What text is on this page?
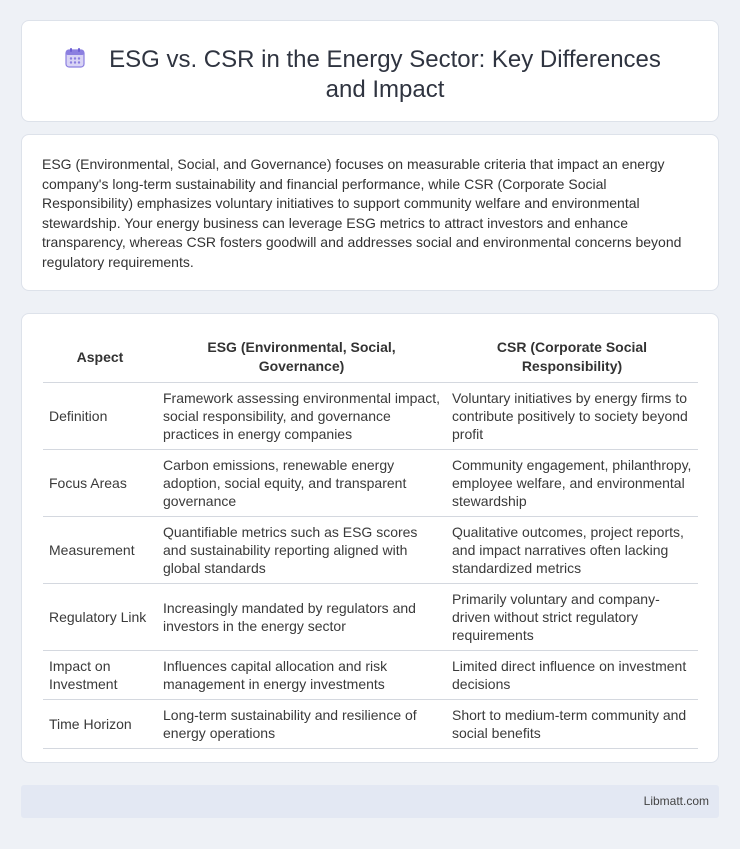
ESG vs. CSR in the Energy Sector: Key Differences and Impact

ESG (Environmental, Social, and Governance) focuses on measurable criteria that impact an energy company's long-term sustainability and financial performance, while CSR (Corporate Social Responsibility) emphasizes voluntary initiatives to support community welfare and environmental stewardship. Your energy business can leverage ESG metrics to attract investors and enhance transparency, whereas CSR fosters goodwill and addresses social and environmental concerns beyond regulatory requirements.

Aspect	ESG (Environmental, Social, Governance)	CSR (Corporate Social Responsibility)
Definition	Framework assessing environmental impact, social responsibility, and governance practices in energy companies	Voluntary initiatives by energy firms to contribute positively to society beyond profit
Focus Areas	Carbon emissions, renewable energy adoption, social equity, and transparent governance	Community engagement, philanthropy, employee welfare, and environmental stewardship
Measurement	Quantifiable metrics such as ESG scores and sustainability reporting aligned with global standards	Qualitative outcomes, project reports, and impact narratives often lacking standardized metrics
Regulatory Link	Increasingly mandated by regulators and investors in the energy sector	Primarily voluntary and company-driven without strict regulatory requirements
Impact on Investment	Influences capital allocation and risk management in energy investments	Limited direct influence on investment decisions
Time Horizon	Long-term sustainability and resilience of energy operations	Short to medium-term community and social benefits
Libmatt.com
